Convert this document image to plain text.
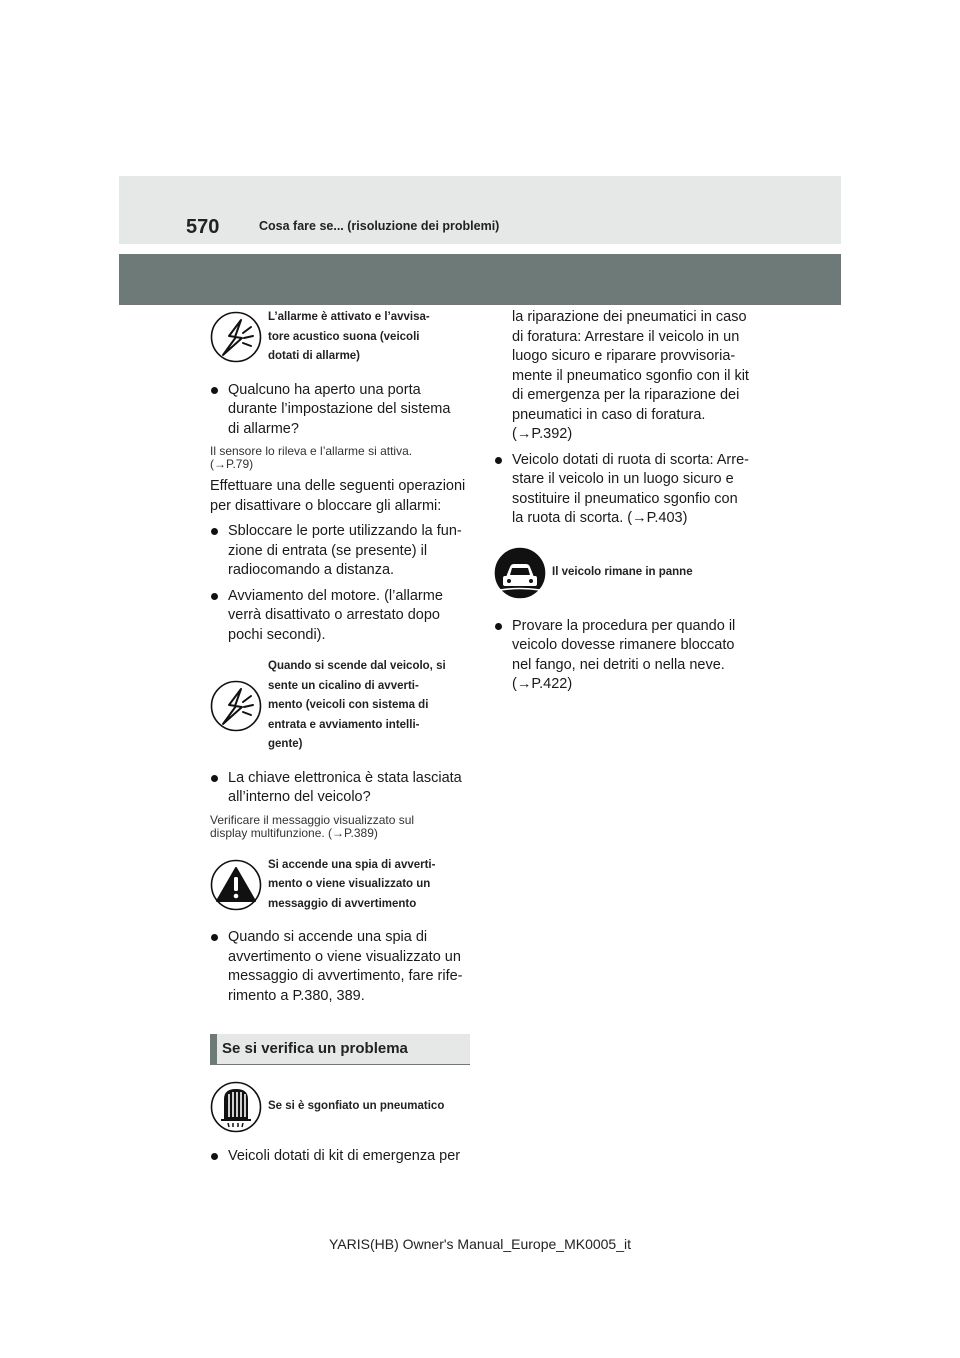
570	Cosa fare se... (risoluzione dei problemi)
L’allarme è attivato e l’avvisa-
tore acustico suona (veicoli
dotati di allarme)
Qualcuno ha aperto una porta
durante l’impostazione del sistema
di allarme?
Il sensore lo rileva e l’allarme si attiva.
(→P.79)
Effettuare una delle seguenti operazioni
per disattivare o bloccare gli allarmi:
Sbloccare le porte utilizzando la fun-
zione di entrata (se presente) il
radiocomando a distanza.
Avviamento del motore. (l’allarme
verrà disattivato o arrestato dopo
pochi secondi).
Quando si scende dal veicolo, si
sente un cicalino di avverti-
mento (veicoli con sistema di
entrata e avviamento intelli-
gente)
La chiave elettronica è stata lasciata
all’interno del veicolo?
Verificare il messaggio visualizzato sul
display multifunzione. (→P.389)
Si accende una spia di avverti-
mento o viene visualizzato un
messaggio di avvertimento
Quando si accende una spia di
avvertimento o viene visualizzato un
messaggio di avvertimento, fare rife-
rimento a P.380, 389.
Se si verifica un problema
Se si è sgonfiato un pneumatico
Veicoli dotati di kit di emergenza per
la riparazione dei pneumatici in caso
di foratura: Arrestare il veicolo in un
luogo sicuro e riparare provvisoria-
mente il pneumatico sgonfio con il kit
di emergenza per la riparazione dei
pneumatici in caso di foratura.
(→P.392)
Veicolo dotati di ruota di scorta: Arre-
stare il veicolo in un luogo sicuro e
sostituire il pneumatico sgonfio con
la ruota di scorta. (→P.403)
Il veicolo rimane in panne
Provare la procedura per quando il
veicolo dovesse rimanere bloccato
nel fango, nei detriti o nella neve.
(→P.422)
YARIS(HB) Owner's Manual_Europe_MK0005_it
